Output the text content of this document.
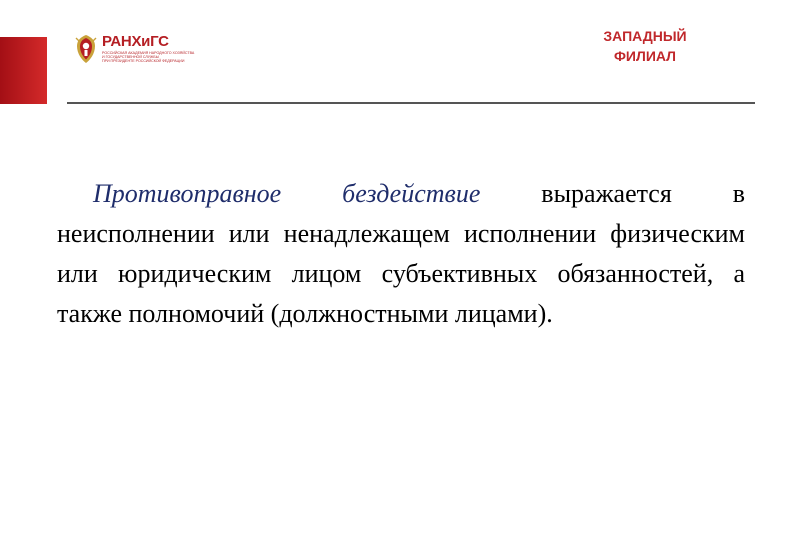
РАНХиГС
РОССИЙСКАЯ АКАДЕМИЯ НАРОДНОГО ХОЗЯЙСТВА
И ГОСУДАРСТВЕННОЙ СЛУЖБЫ
ПРИ ПРЕЗИДЕНТЕ РОССИЙСКОЙ ФЕДЕРАЦИИ
ЗАПАДНЫЙ
ФИЛИАЛ

Противоправное бездействие выражается в неисполнении или ненадлежащем исполнении физическим или юридическим лицом субъективных обязанностей, а также полномочий (должностными лицами).
